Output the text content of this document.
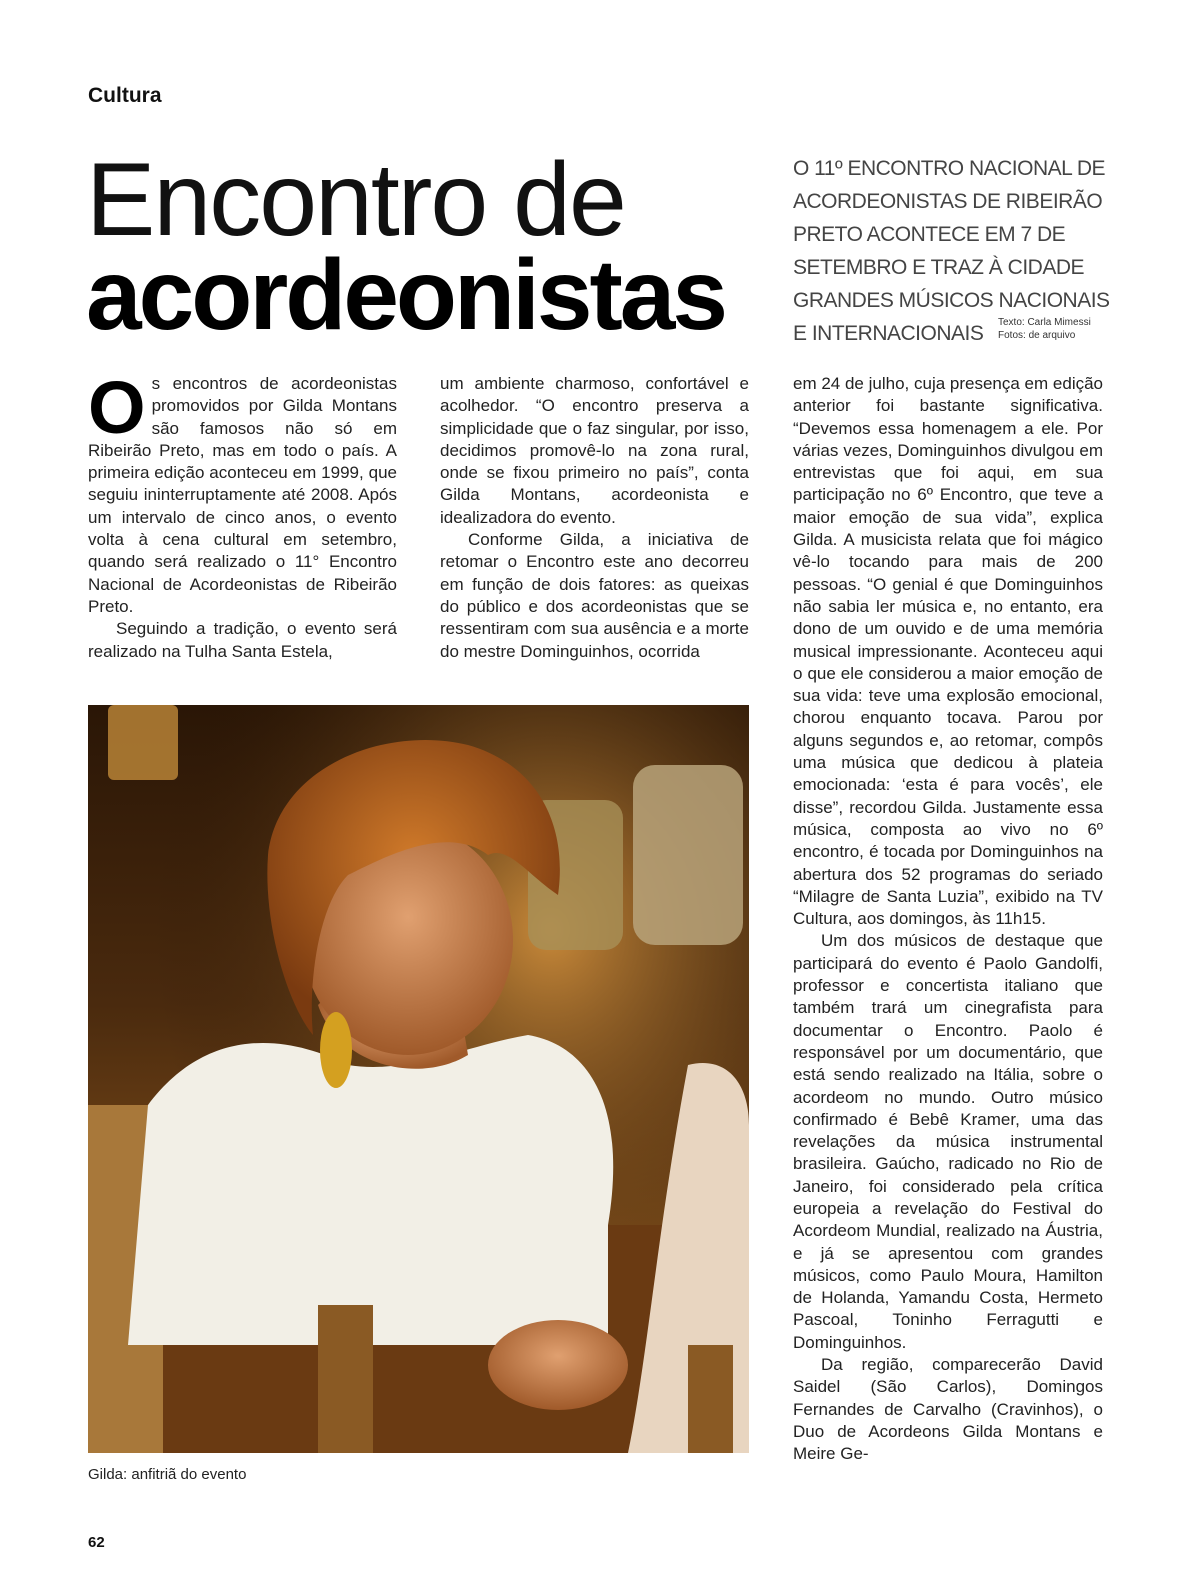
Cultura
Encontro de
acordeonistas
O 11º ENCONTRO NACIONAL DE
ACORDEONISTAS DE RIBEIRÃO
PRETO ACONTECE EM 7 DE
SETEMBRO E TRAZ À CIDADE
GRANDES MÚSICOS NACIONAIS
E INTERNACIONAIS	Texto: Carla Mimessi
Fotos: de arquivo

Os encontros de acordeonistas promovidos por Gilda Montans são famosos não só em Ribeirão Preto, mas em todo o país. A primeira edição aconteceu em 1999, que seguiu ininterruptamente até 2008. Após um intervalo de cinco anos, o evento volta à cena cultural em setembro, quando será realizado o 11° Encontro Nacional de Acordeonistas de Ribeirão Preto.

Seguindo a tradição, o evento será realizado na Tulha Santa Estela,

um ambiente charmoso, confortável e acolhedor. “O encontro preserva a simplicidade que o faz singular, por isso, decidimos promovê-lo na zona rural, onde se fixou primeiro no país”, conta Gilda Montans, acordeonista e idealizadora do evento.

Conforme Gilda, a iniciativa de retomar o Encontro este ano decorreu em função de dois fatores: as queixas do público e dos acordeonistas que se ressentiram com sua ausência e a morte do mestre Dominguinhos, ocorrida

em 24 de julho, cuja presença em edição anterior foi bastante significativa. “Devemos essa homenagem a ele. Por várias vezes, Dominguinhos divulgou em entrevistas que foi aqui, em sua participação no 6º Encontro, que teve a maior emoção de sua vida”, explica Gilda. A musicista relata que foi mágico vê-lo tocando para mais de 200 pessoas. “O genial é que Dominguinhos não sabia ler música e, no entanto, era dono de um ouvido e de uma memória musical impressionante. Aconteceu aqui o que ele considerou a maior emoção de sua vida: teve uma explosão emocional, chorou enquanto tocava. Parou por alguns segundos e, ao retomar, compôs uma música que dedicou à plateia emocionada: ‘esta é para vocês’, ele disse”, recordou Gilda. Justamente essa música, composta ao vivo no 6º encontro, é tocada por Dominguinhos na abertura dos 52 programas do seriado “Milagre de Santa Luzia”, exibido na TV Cultura, aos domingos, às 11h15.

Um dos músicos de destaque que participará do evento é Paolo Gandolfi, professor e concertista italiano que também trará um cinegrafista para documentar o Encontro. Paolo é responsável por um documentário, que está sendo realizado na Itália, sobre o acordeom no mundo. Outro músico confirmado é Bebê Kramer, uma das revelações da música instrumental brasileira. Gaúcho, radicado no Rio de Janeiro, foi considerado pela crítica europeia a revelação do Festival do Acordeom Mundial, realizado na Áustria, e já se apresentou com grandes músicos, como Paulo Moura, Hamilton de Holanda, Yamandu Costa, Hermeto Pascoal, Toninho Ferragutti e Dominguinhos.

Da região, comparecerão David Saidel (São Carlos), Domingos Fernandes de Carvalho (Cravinhos), o Duo de Acordeons Gilda Montans e Meire Ge-

Gilda: anfitriã do evento
62
